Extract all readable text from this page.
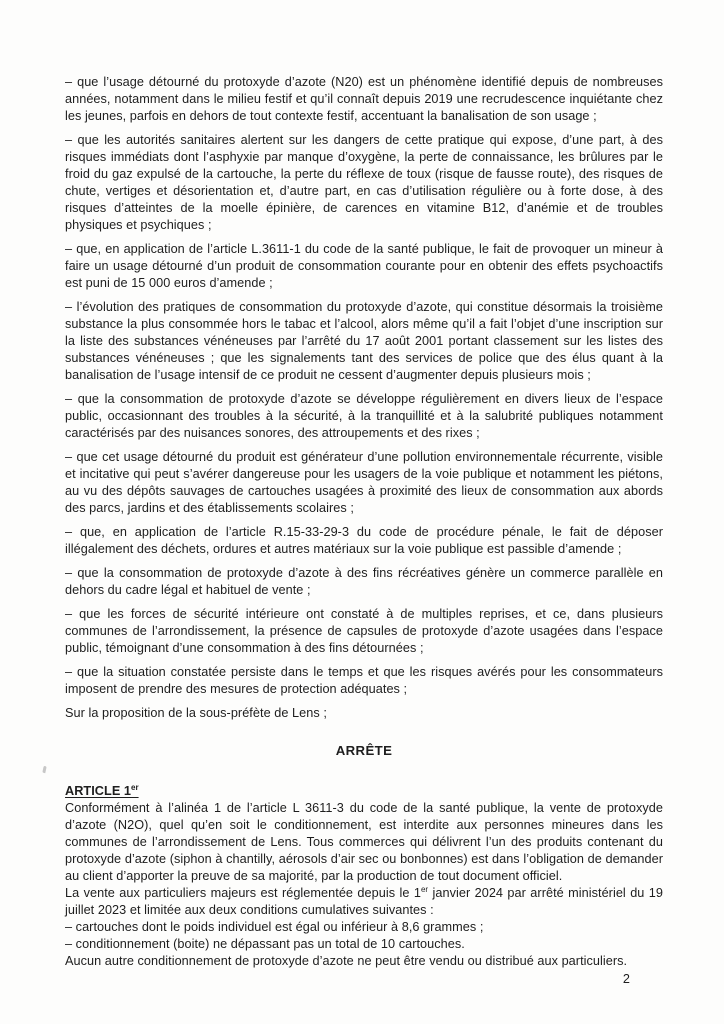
– que l’usage détourné du protoxyde d’azote (N20) est un phénomène identifié depuis de nombreuses années, notamment dans le milieu festif et qu’il connaît depuis 2019 une recrudescence inquiétante chez les jeunes, parfois en dehors de tout contexte festif, accentuant la banalisation de son usage ;

– que les autorités sanitaires alertent sur les dangers de cette pratique qui expose, d’une part, à des risques immédiats dont l’asphyxie par manque d’oxygène, la perte de connaissance, les brûlures par le froid du gaz expulsé de la cartouche, la perte du réflexe de toux (risque de fausse route), des risques de chute, vertiges et désorientation et, d’autre part, en cas d’utilisation régulière ou à forte dose, à des risques d’atteintes de la moelle épinière, de carences en vitamine B12, d’anémie et de troubles physiques et psychiques ;

– que, en application de l’article L.3611-1 du code de la santé publique, le fait de provoquer un mineur à faire un usage détourné d’un produit de consommation courante pour en obtenir des effets psychoactifs est puni de 15 000 euros d’amende ;

– l’évolution des pratiques de consommation du protoxyde d’azote, qui constitue désormais la troisième substance la plus consommée hors le tabac et l’alcool, alors même qu’il a fait l’objet d’une inscription sur la liste des substances vénéneuses par l’arrêté du 17 août 2001 portant classement sur les listes des substances vénéneuses ; que les signalements tant des services de police que des élus quant à la banalisation de l’usage intensif de ce produit ne cessent d’augmenter depuis plusieurs mois ;

– que la consommation de protoxyde d’azote se développe régulièrement en divers lieux de l’espace public, occasionnant des troubles à la sécurité, à la tranquillité et à la salubrité publiques notamment caractérisés par des nuisances sonores, des attroupements et des rixes ;

– que cet usage détourné du produit est générateur d’une pollution environnementale récurrente, visible et incitative qui peut s’avérer dangereuse pour les usagers de la voie publique et notamment les piétons, au vu des dépôts sauvages de cartouches usagées à proximité des lieux de consommation aux abords des parcs, jardins et des établissements scolaires ;

– que, en application de l’article R.15-33-29-3 du code de procédure pénale, le fait de déposer illégalement des déchets, ordures et autres matériaux sur la voie publique est passible d’amende ;

– que la consommation de protoxyde d’azote à des fins récréatives génère un commerce parallèle en dehors du cadre légal et habituel de vente ;

– que les forces de sécurité intérieure ont constaté à de multiples reprises, et ce, dans plusieurs communes de l’arrondissement, la présence de capsules de protoxyde d’azote usagées dans l’espace public, témoignant d’une consommation à des fins détournées ;

– que la situation constatée persiste dans le temps et que les risques avérés pour les consommateurs imposent de prendre des mesures de protection adéquates ;

Sur la proposition de la sous-préfète de Lens ;

ARRÊTE

ARTICLE 1er

Conformément à l’alinéa 1 de l’article L 3611-3 du code de la santé publique, la vente de protoxyde d’azote (N2O), quel qu’en soit le conditionnement, est interdite aux personnes mineures dans les communes de l’arrondissement de Lens. Tous commerces qui délivrent l’un des produits contenant du protoxyde d’azote (siphon à chantilly, aérosols d’air sec ou bonbonnes) est dans l’obligation de demander au client d’apporter la preuve de sa majorité, par la production de tout document officiel.

La vente aux particuliers majeurs est réglementée depuis le 1er janvier 2024 par arrêté ministériel du 19 juillet 2023 et limitée aux deux conditions cumulatives suivantes :

– cartouches dont le poids individuel est égal ou inférieur à 8,6 grammes ;

– conditionnement (boite) ne dépassant pas un total de 10 cartouches.

Aucun autre conditionnement de protoxyde d’azote ne peut être vendu ou distribué aux particuliers.

2
